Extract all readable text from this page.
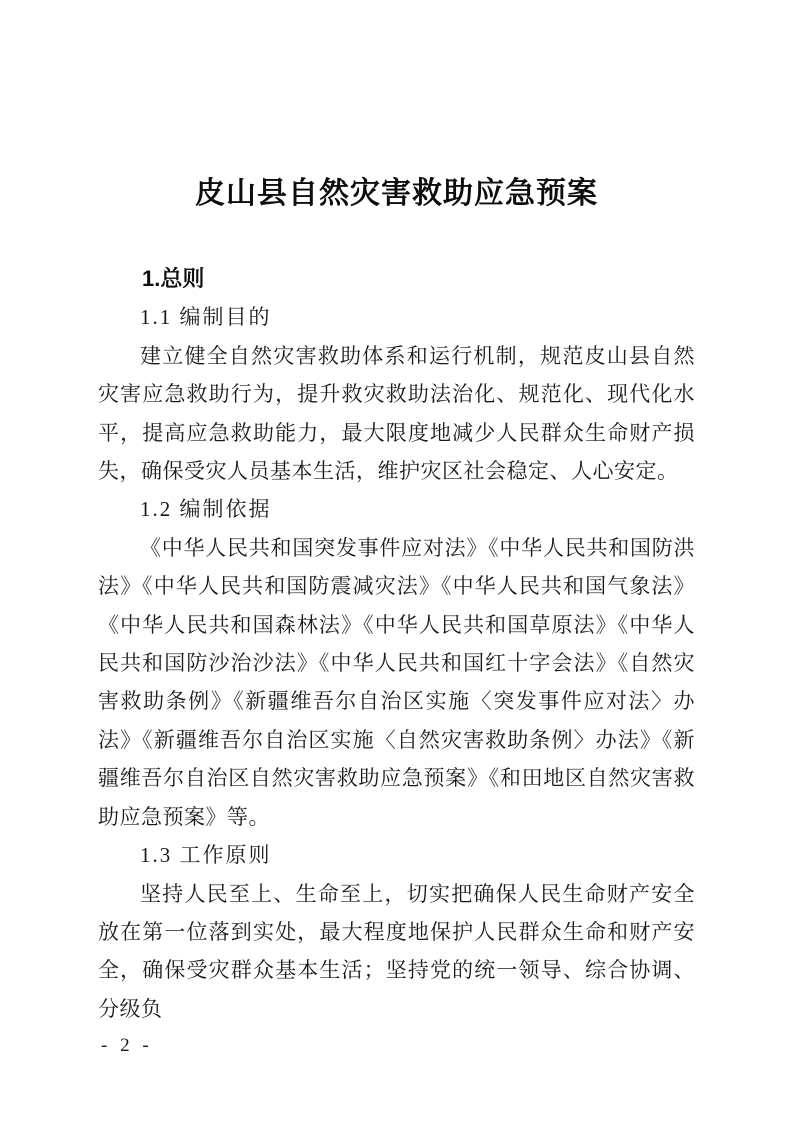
皮山县自然灾害救助应急预案
1.总则
1.1 编制目的

建立健全自然灾害救助体系和运行机制，规范皮山县自然灾害应急救助行为，提升救灾救助法治化、规范化、现代化水平，提高应急救助能力，最大限度地减少人民群众生命财产损失，确保受灾人员基本生活，维护灾区社会稳定、人心安定。

1.2 编制依据

《中华人民共和国突发事件应对法》《中华人民共和国防洪法》《中华人民共和国防震减灾法》《中华人民共和国气象法》《中华人民共和国森林法》《中华人民共和国草原法》《中华人民共和国防沙治沙法》《中华人民共和国红十字会法》《自然灾害救助条例》《新疆维吾尔自治区实施〈突发事件应对法〉办法》《新疆维吾尔自治区实施〈自然灾害救助条例〉办法》《新疆维吾尔自治区自然灾害救助应急预案》《和田地区自然灾害救助应急预案》等。

1.3 工作原则

坚持人民至上、生命至上，切实把确保人民生命财产安全放在第一位落到实处，最大程度地保护人民群众生命和财产安全，确保受灾群众基本生活；坚持党的统一领导、综合协调、分级负

- 2 -
